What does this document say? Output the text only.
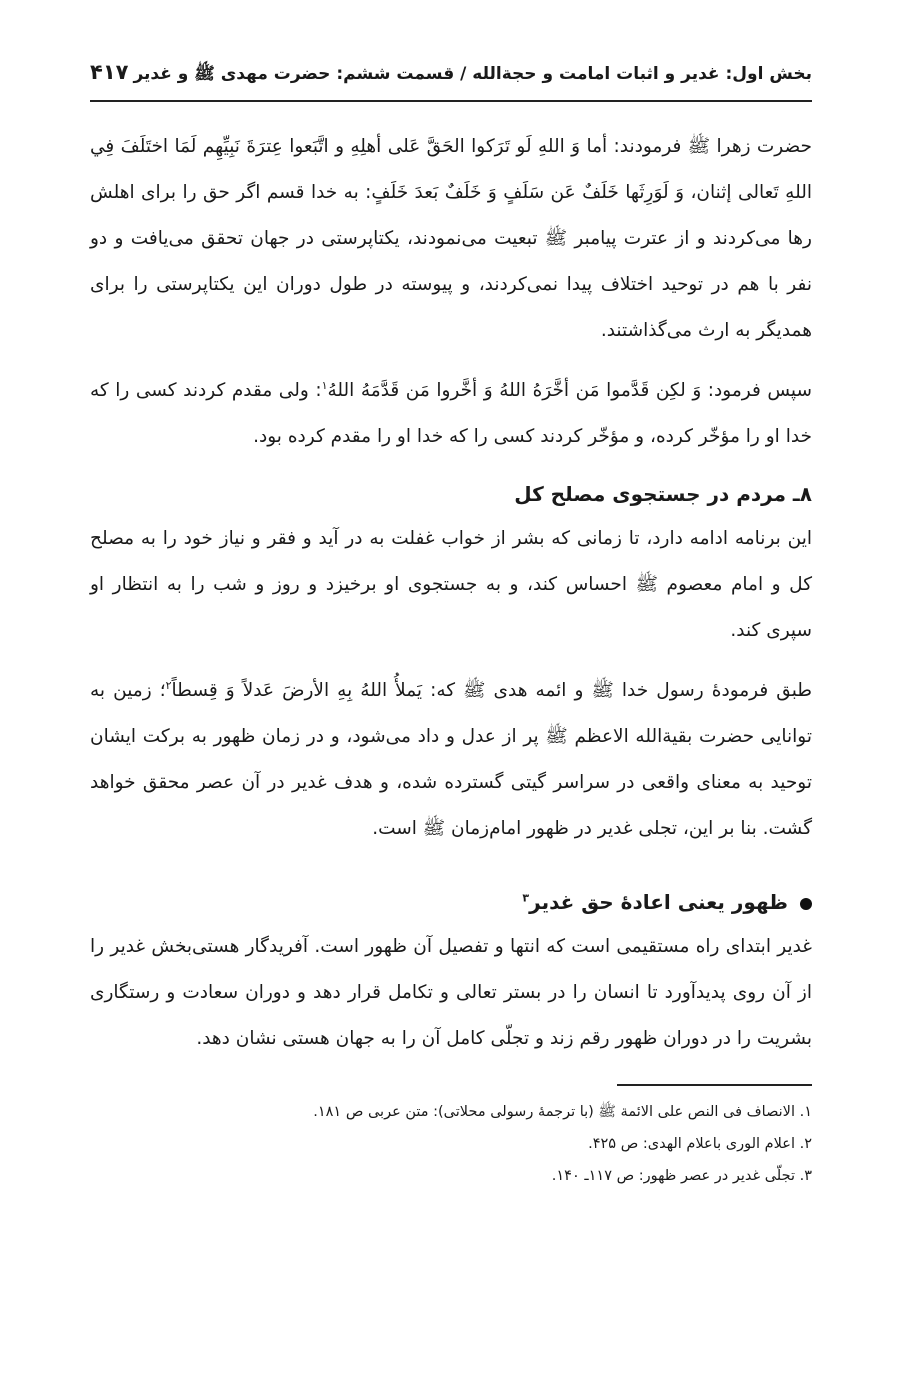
بخش اول: غدیر و اثبات امامت و حجةالله / قسمت ششم: حضرت مهدی ﷺ و غدیر
۴۱۷

حضرت زهرا ﷺ فرمودند: أما وَ اللهِ لَو تَرَکوا الحَقَّ عَلی أهلِهِ و اتَّبَعوا عِترَةَ نَبِيِّهِم لَمَا اختَلَفَ فِي اللهِ تَعالی إثنان، وَ لَوَرِثَها خَلَفٌ عَن سَلَفٍ وَ خَلَفٌ بَعدَ خَلَفٍ: به خدا قسم اگر حق را برای اهلش رها می‌کردند و از عترت پیامبر ﷺ تبعیت می‌نمودند، یکتاپرستی در جهان تحقق می‌یافت و دو نفر با هم در توحید اختلاف پیدا نمی‌کردند، و پیوسته در طول دوران این یکتاپرستی را برای همدیگر به ارث می‌گذاشتند.

سپس فرمود: وَ لکِن قَدَّموا مَن أخَّرَهُ اللهُ وَ أخَّروا مَن قَدَّمَهُ اللهُ$^۱$: ولی مقدم کردند کسی را که خدا او را مؤخّر کرده، و مؤخّر کردند کسی را که خدا او را مقدم کرده بود.

۸ـ مردم در جستجوی مصلح کل

این برنامه ادامه دارد، تا زمانی که بشر از خواب غفلت به در آید و فقر و نیاز خود را به مصلح کل و امام معصوم ﷺ احساس کند، و به جستجوی او برخیزد و روز و شب را به انتظار او سپری کند.

طبق فرمودۀ رسول خدا ﷺ و ائمه هدی ﷺ که: یَملأُ اللهُ بِهِ الأرضَ عَدلاً وَ قِسطاً$^۲$؛ زمین به توانایی حضرت بقیةالله الاعظم ﷺ پر از عدل و داد می‌شود، و در زمان ظهور به برکت ایشان توحید به معنای واقعی در سراسر گیتی گسترده شده، و هدف غدیر در آن عصر محقق خواهد گشت. بنا بر این، تجلی غدیر در ظهور امام‌زمان ﷺ است.

ظهور یعنی اعادۀ حق غدیر$^۳$

غدیر ابتدای راه مستقیمی است که انتها و تفصیل آن ظهور است. آفریدگار هستی‌بخش غدیر را از آن روی پدیدآورد تا انسان را در بستر تعالی و تکامل قرار دهد و دوران سعادت و رستگاری بشریت را در دوران ظهور رقم زند و تجلّی کامل آن را به جهان هستی نشان دهد.

۱. الانصاف فی النص علی الائمة ﷺ (با ترجمۀ رسولی محلاتی): متن عربی ص ۱۸۱.

۲. اعلام الوری باعلام الهدی: ص ۴۲۵.

۳. تجلّی غدیر در عصر ظهور: ص ۱۱۷ـ ۱۴۰.
